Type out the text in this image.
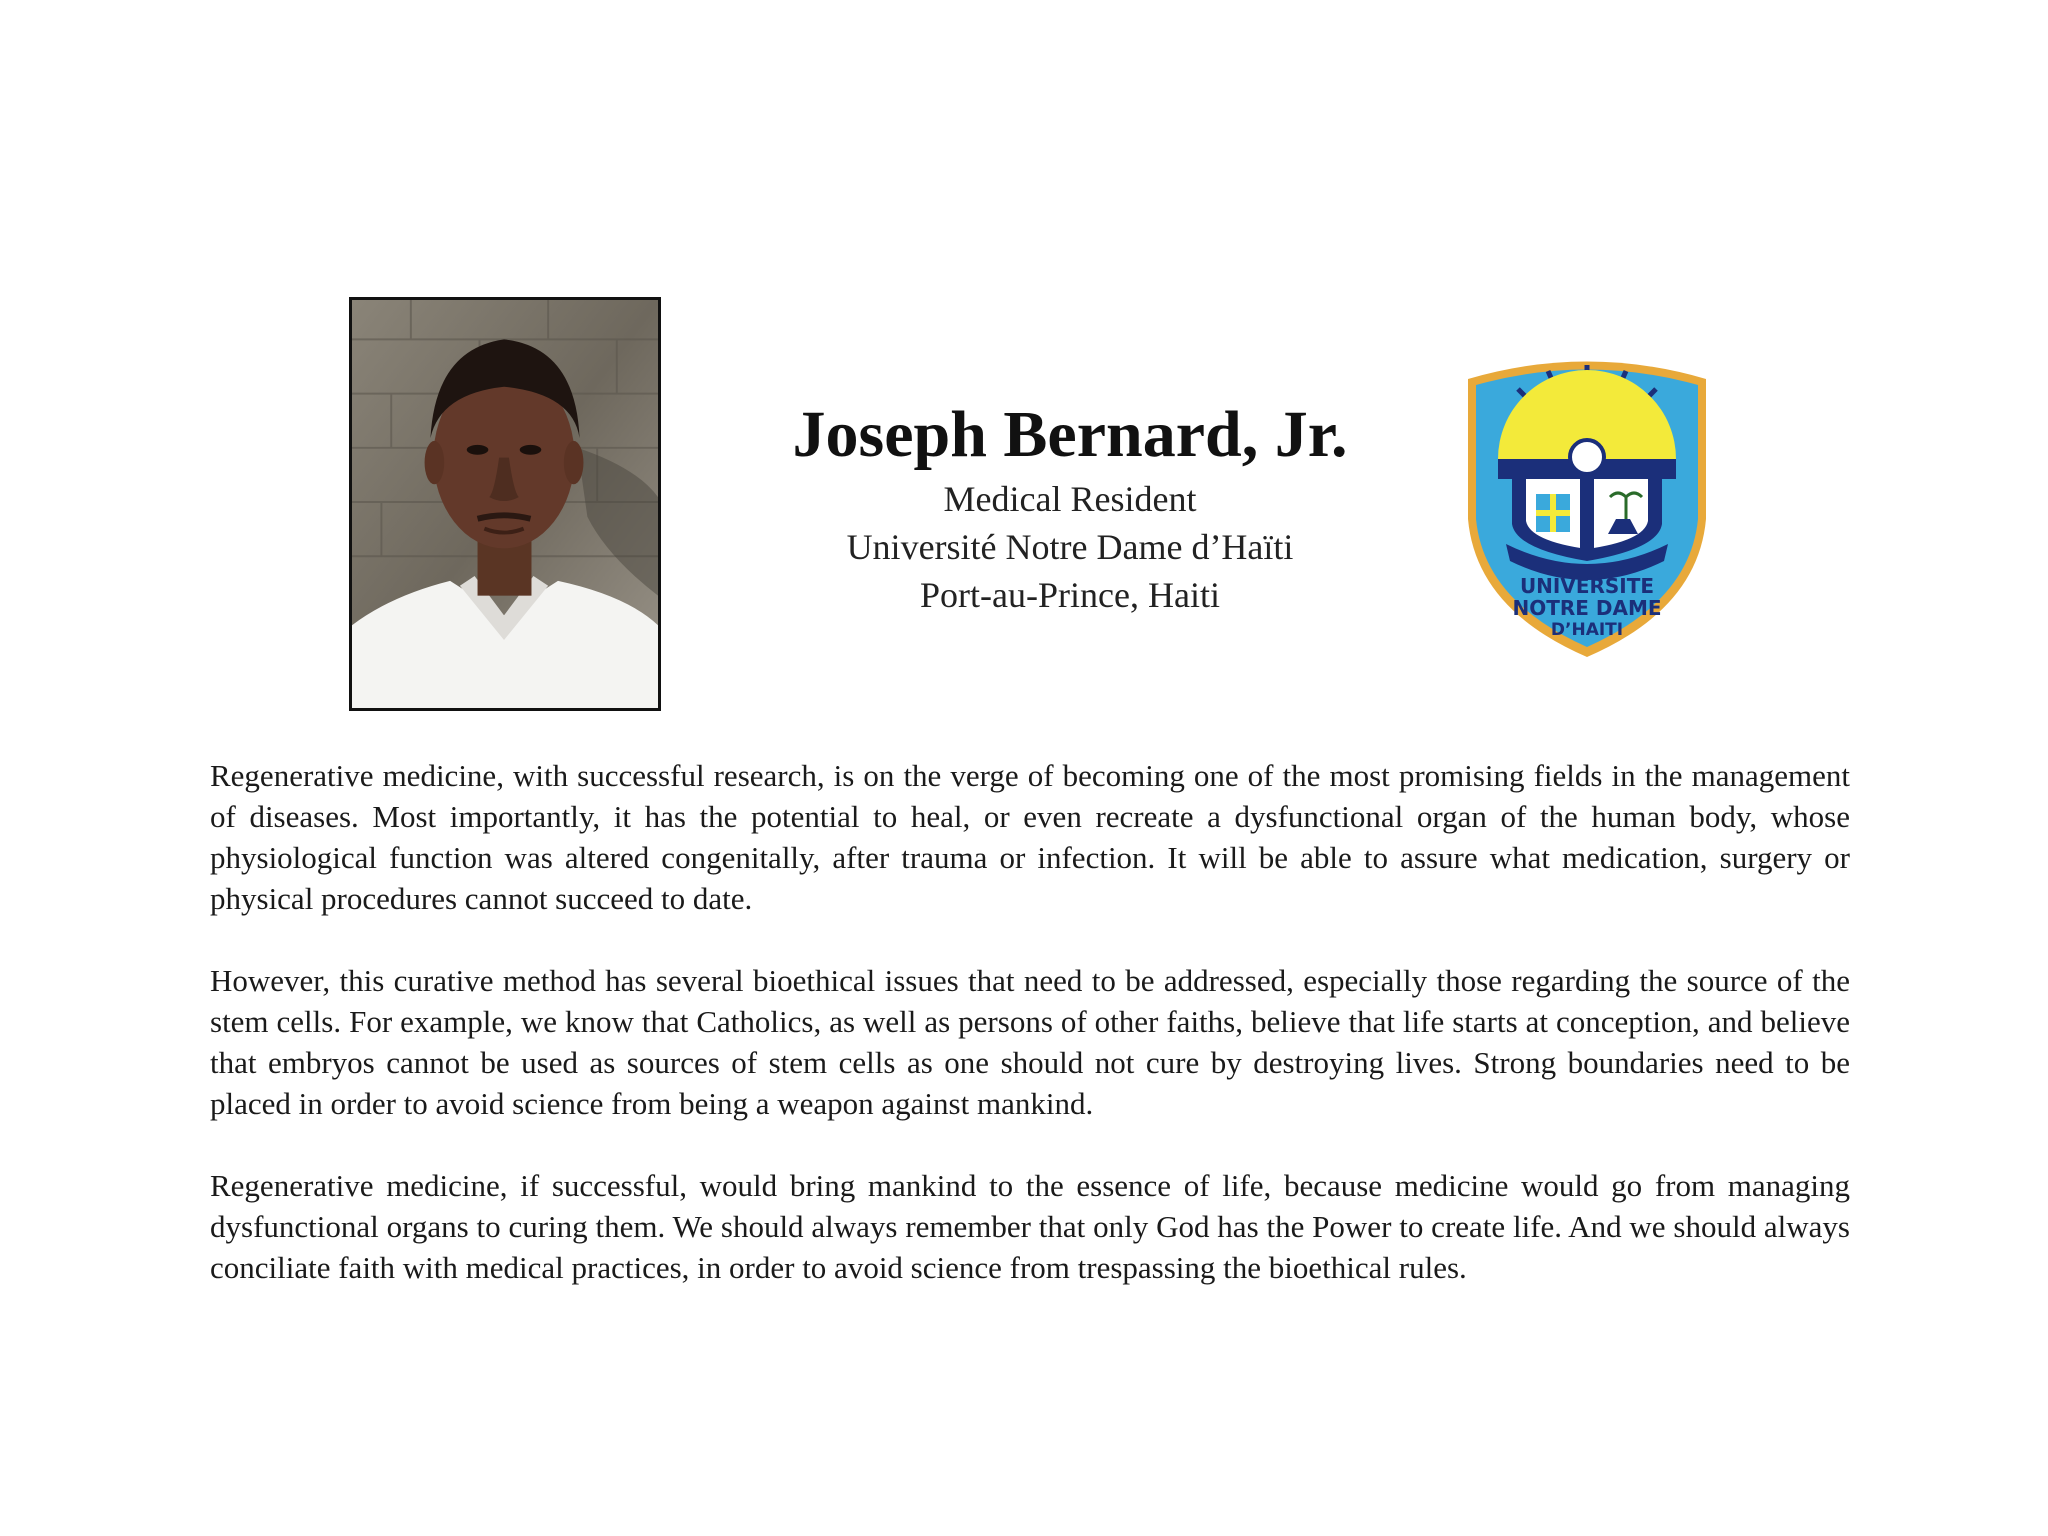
Joseph Bernard, Jr.
Medical Resident
Université Notre Dame d’Haïti
Port-au-Prince, Haiti	UNIVERSITE
NOTRE DAME
D’HAITI

Regenerative medicine, with successful research, is on the verge of becoming one of the most promising fields in the management of diseases. Most importantly, it has the potential to heal, or even recreate a dysfunctional organ of the human body, whose physiological function was altered congenitally, after trauma or infection. It will be able to assure what medication, surgery or physical procedures cannot succeed to date.

However, this curative method has several bioethical issues that need to be addressed, especially those regarding the source of the stem cells. For example, we know that Catholics, as well as persons of other faiths, believe that life starts at conception, and believe that embryos cannot be used as sources of stem cells as one should not cure by destroying lives. Strong boundaries need to be placed in order to avoid science from being a weapon against mankind.

Regenerative medicine, if successful, would bring mankind to the essence of life, because medicine would go from managing dysfunctional organs to curing them. We should always remember that only God has the Power to create life. And we should always conciliate faith with medical practices, in order to avoid science from trespassing the bioethical rules.
